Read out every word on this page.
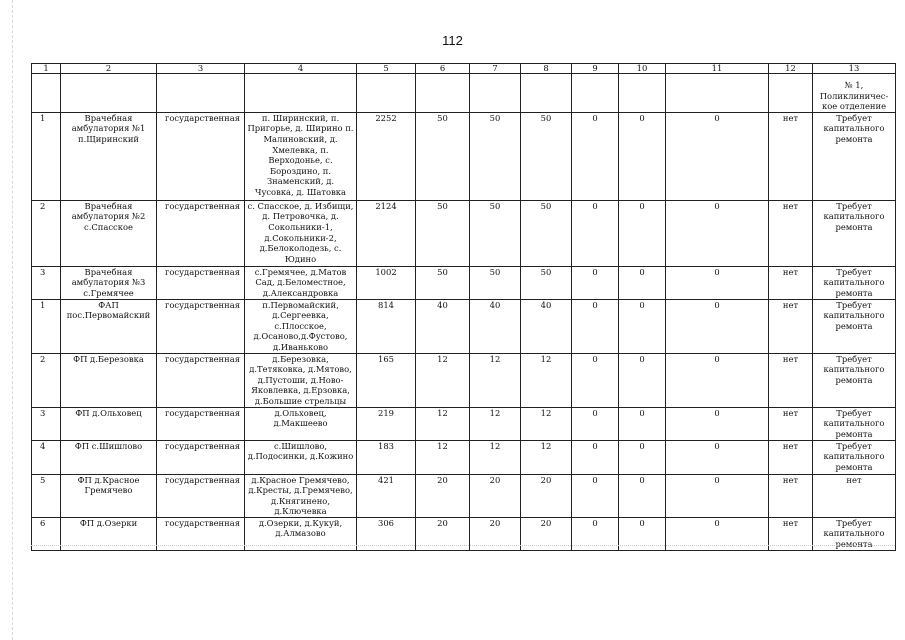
112
1	2	3	4	5	6	7	8	9	10	11	12	13
												№ 1, Поликлиничес-кое отделение
1	Врачебная амбулатория №1 п.Щиринский	государственная	п. Ширинский, п. Пригорье, д. Ширино п. Малиновский, д. Хмелевка, п. Верходонье, с. Бороздино, п. Знаменский, д. Чусовка, д. Шатовка	2252	50	50	50	0	0	0	нет	Требует капитального ремонта
2	Врачебная амбулатория №2 с.Спасское	государственная	с. Спасское, д. Избищи, д. Петровочка, д. Сокольники-1, д.Сокольники-2, д.Белоколодезь, с. Юдино	2124	50	50	50	0	0	0	нет	Требует капитального ремонта
3	Врачебная амбулатория №3 с.Гремячее	государственная	с.Гремячее, д.Матов Сад, д.Беломестное, д.Александровка	1002	50	50	50	0	0	0	нет	Требует капитального ремонта
1	ФАП пос.Первомайский	государственная	п.Первомайский, д.Сергеевка, с.Плосское, д.Осаново,д.Фустово, д.Иваньково	814	40	40	40	0	0	0	нет	Требует капитального ремонта
2	ФП д.Березовка	государственная	д.Березовка, д.Тетяковка, д.Мятово, д.Пустоши, д.Ново-Яковлевка, д.Ерзовка, д.Большие стрельцы	165	12	12	12	0	0	0	нет	Требует капитального ремонта
3	ФП д.Ольховец	государственная	д.Ольховец, д.Макшеево	219	12	12	12	0	0	0	нет	Требует капитального ремонта
4	ФП с.Шишлово	государственная	с.Шишлово, д.Подосинки, д.Кожино	183	12	12	12	0	0	0	нет	Требует капитального ремонта
5	ФП д.Красное Гремячево	государственная	д.Красное Гремячево, д.Кресты, д.Гремячево, д.Княгинено, д.Ключевка	421	20	20	20	0	0	0	нет	нет
6	ФП д.Озерки	государственная	д.Озерки, д.Кукуй, д.Алмазово	306	20	20	20	0	0	0	нет	Требует капитального ремонта
